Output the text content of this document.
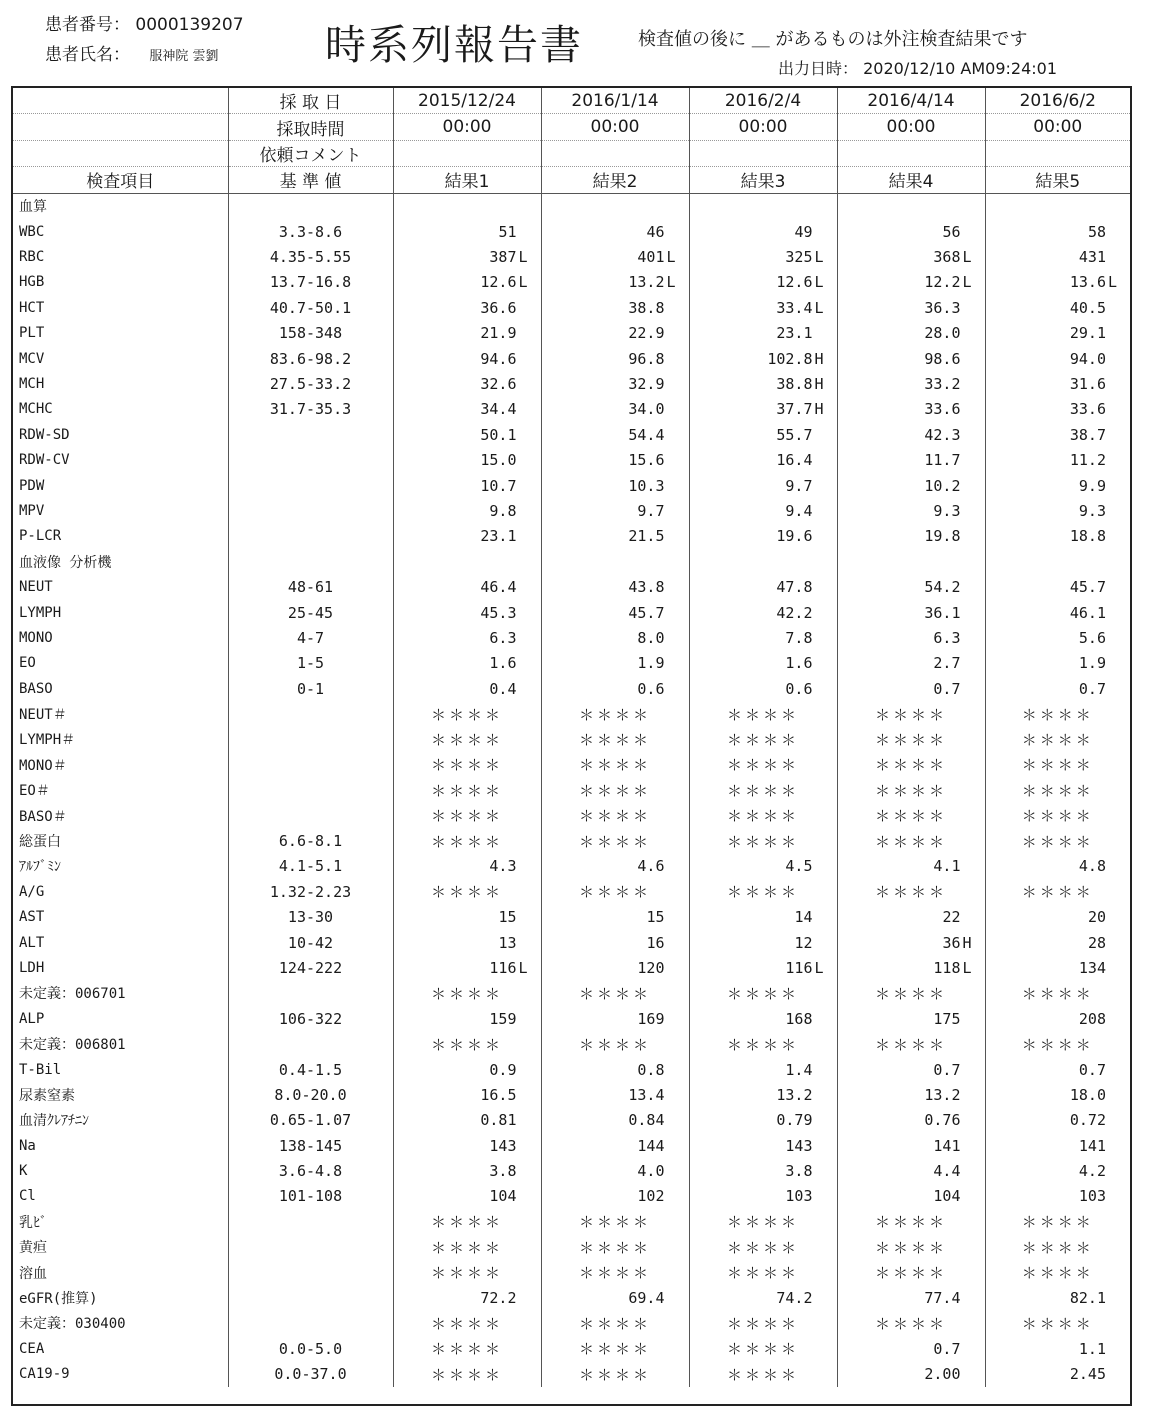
患者番号： 0000139207
患者氏名： 服神院 雲劉	時系列報告書	検査値の後に ＿ があるものは外注検査結果です
出力日時： 2020/12/10 AM09:24:01
	採 取 日	2015/12/24	2016/1/14	2016/2/4	2016/4/14	2016/6/2
	採取時間	00:00	00:00	00:00	00:00	00:00
	依頼コメント					
検査項目	基 準 値	結果1	結果2	結果3	結果4	結果5
血算						
WBC	3.3-8.6	51	46	49	56	58
RBC	4.35-5.55	387 L	401 L	325 L	368 L	431
HGB	13.7-16.8	12.6 L	13.2 L	12.6 L	12.2 L	13.6 L
HCT	40.7-50.1	36.6	38.8	33.4 L	36.3	40.5
PLT	158-348	21.9	22.9	23.1	28.0	29.1
MCV	83.6-98.2	94.6	96.8	102.8 H	98.6	94.0
MCH	27.5-33.2	32.6	32.9	38.8 H	33.2	31.6
MCHC	31.7-35.3	34.4	34.0	37.7 H	33.6	33.6
RDW-SD		50.1	54.4	55.7	42.3	38.7
RDW-CV		15.0	15.6	16.4	11.7	11.2
PDW		10.7	10.3	9.7	10.2	9.9
MPV		9.8	9.7	9.4	9.3	9.3
P-LCR		23.1	21.5	19.6	19.8	18.8
血液像 分析機						
NEUT	48-61	46.4	43.8	47.8	54.2	45.7
LYMPH	25-45	45.3	45.7	42.2	36.1	46.1
MONO	4-7	6.3	8.0	7.8	6.3	5.6
EO	1-5	1.6	1.9	1.6	2.7	1.9
BASO	0-1	0.4	0.6	0.6	0.7	0.7
NEUT＃		＊＊＊＊	＊＊＊＊	＊＊＊＊	＊＊＊＊	＊＊＊＊
LYMPH＃		＊＊＊＊	＊＊＊＊	＊＊＊＊	＊＊＊＊	＊＊＊＊
MONO＃		＊＊＊＊	＊＊＊＊	＊＊＊＊	＊＊＊＊	＊＊＊＊
EO＃		＊＊＊＊	＊＊＊＊	＊＊＊＊	＊＊＊＊	＊＊＊＊
BASO＃		＊＊＊＊	＊＊＊＊	＊＊＊＊	＊＊＊＊	＊＊＊＊
総蛋白	6.6-8.1	＊＊＊＊	＊＊＊＊	＊＊＊＊	＊＊＊＊	＊＊＊＊
ｱﾙﾌﾞﾐﾝ	4.1-5.1	4.3	4.6	4.5	4.1	4.8
A/G	1.32-2.23	＊＊＊＊	＊＊＊＊	＊＊＊＊	＊＊＊＊	＊＊＊＊
AST	13-30	15	15	14	22	20
ALT	10-42	13	16	12	36 H	28
LDH	124-222	116 L	120	116 L	118 L	134
未定義：006701		＊＊＊＊	＊＊＊＊	＊＊＊＊	＊＊＊＊	＊＊＊＊
ALP	106-322	159	169	168	175	208
未定義：006801		＊＊＊＊	＊＊＊＊	＊＊＊＊	＊＊＊＊	＊＊＊＊
T-Bil	0.4-1.5	0.9	0.8	1.4	0.7	0.7
尿素窒素	8.0-20.0	16.5	13.4	13.2	13.2	18.0
血清ｸﾚｱﾁﾆﾝ	0.65-1.07	0.81	0.84	0.79	0.76	0.72
Na	138-145	143	144	143	141	141
K	3.6-4.8	3.8	4.0	3.8	4.4	4.2
Cl	101-108	104	102	103	104	103
乳ﾋﾞ		＊＊＊＊	＊＊＊＊	＊＊＊＊	＊＊＊＊	＊＊＊＊
黄疸		＊＊＊＊	＊＊＊＊	＊＊＊＊	＊＊＊＊	＊＊＊＊
溶血		＊＊＊＊	＊＊＊＊	＊＊＊＊	＊＊＊＊	＊＊＊＊
eGFR(推算)		72.2	69.4	74.2	77.4	82.1
未定義：030400		＊＊＊＊	＊＊＊＊	＊＊＊＊	＊＊＊＊	＊＊＊＊
CEA	0.0-5.0	＊＊＊＊	＊＊＊＊	＊＊＊＊	0.7	1.1
CA19-9	0.0-37.0	＊＊＊＊	＊＊＊＊	＊＊＊＊	2.00	2.45
